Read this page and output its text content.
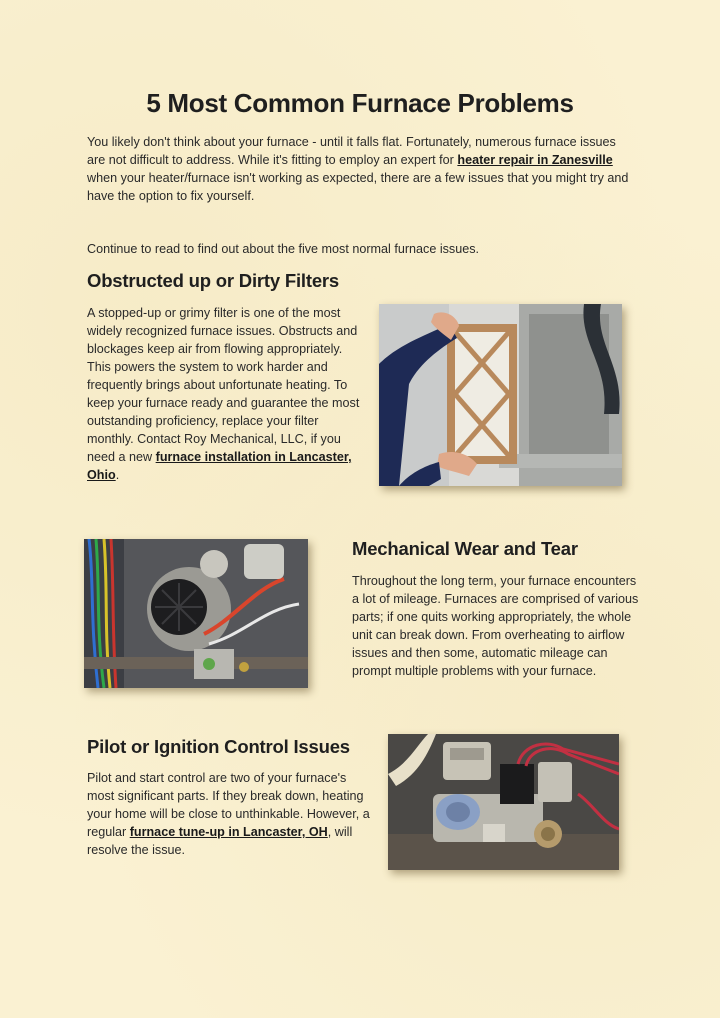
5 Most Common Furnace Problems

You likely don't think about your furnace - until it falls flat. Fortunately, numerous furnace issues are not difficult to address. While it's fitting to employ an expert for heater repair in Zanesville when your heater/furnace isn't working as expected, there are a few issues that you might try and have the option to fix yourself.

Continue to read to find out about the five most normal furnace issues.

Obstructed up or Dirty Filters

A stopped-up or grimy filter is one of the most widely recognized furnace issues. Obstructs and blockages keep air from flowing appropriately. This powers the system to work harder and frequently brings about unfortunate heating. To keep your furnace ready and guarantee the most outstanding proficiency, replace your filter monthly. Contact Roy Mechanical, LLC, if you need a new furnace installation in Lancaster, Ohio.

Mechanical Wear and Tear

Throughout the long term, your furnace encounters a lot of mileage. Furnaces are comprised of various parts; if one quits working appropriately, the whole unit can break down. From overheating to airflow issues and then some, automatic mileage can prompt multiple problems with your furnace.

Pilot or Ignition Control Issues

Pilot and start control are two of your furnace's most significant parts. If they break down, heating your home will be close to unthinkable. However, a regular furnace tune-up in Lancaster, OH, will resolve the issue.
